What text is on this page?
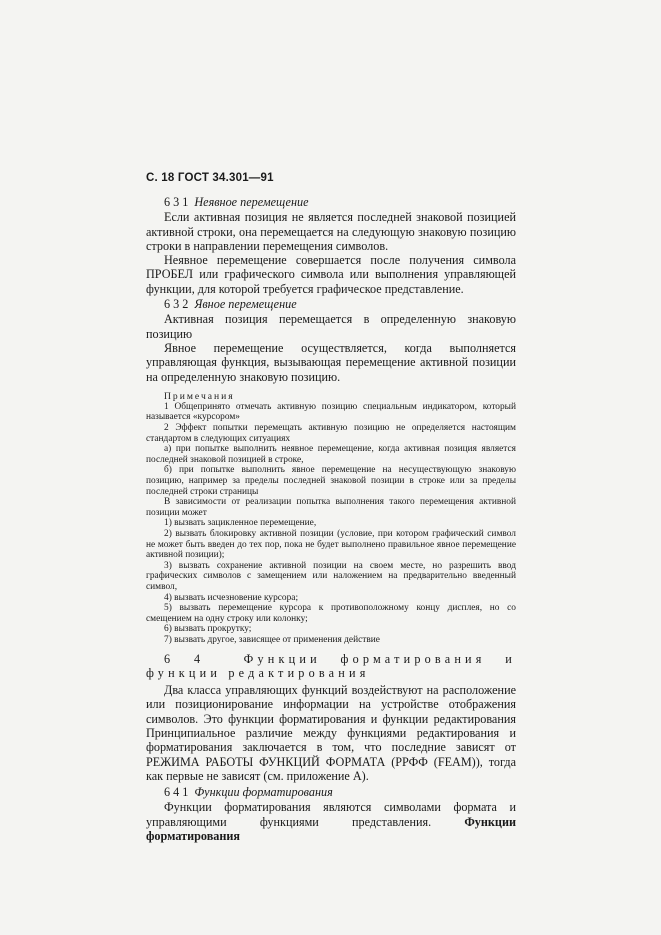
С. 18 ГОСТ 34.301—91
6 3 1 Неявное перемещение

Если активная позиция не является последней знаковой позицией активной строки, она перемещается на следующую знаковую позицию строки в направлении перемещения символов.

Неявное перемещение совершается после получения символа ПРОБЕЛ или графического символа или выполнения управляющей функции, для которой требуется графическое представление.

6 3 2 Явное перемещение

Активная позиция перемещается в определенную знаковую позицию

Явное перемещение осуществляется, когда выполняется управляющая функция, вызывающая перемещение активной позиции на определенную знаковую позицию.

Примечания

1 Общепринято отмечать активную позицию специальным индикатором, который называется «курсором»

2 Эффект попытки перемещать активную позицию не определяется настоящим стандартом в следующих ситуациях

а) при попытке выполнить неявное перемещение, когда активная позиция является последней знаковой позицией в строке,

б) при попытке выполнить явное перемещение на несуществующую знаковую позицию, например за пределы последней знаковой позиции в строке или за пределы последней строки страницы

В зависимости от реализации попытка выполнения такого перемещения активной позиции может

1) вызвать зацикленное перемещение,

2) вызвать блокировку активной позиции (условие, при котором графический символ не может быть введен до тех пор, пока не будет выполнено правильное явное перемещение активной позиции);

3) вызвать сохранение активной позиции на своем месте, но разрешить ввод графических символов с замещением или наложением на предварительно введенный символ,

4) вызвать исчезновение курсора;

5) вызвать перемещение курсора к противоположному концу дисплея, но со смещением на одну строку или колонку;

6) вызвать прокрутку;

7) вызвать другое, зависящее от применения действие

6 4	Функции форматирования и функции редактирования

Два класса управляющих функций воздействуют на расположение или позиционирование информации на устройстве отображения символов. Это функции форматирования и функции редактирования Принципиальное различие между функциями редактирования и форматирования заключается в том, что последние зависят от РЕЖИМА РАБОТЫ ФУНКЦИЙ ФОРМАТА (РРФФ (FEAM)), тогда как первые не зависят (см. приложение А).

6 4 1 Функции форматирования

Функции форматирования являются символами формата и управляющими функциями представления.	Функции форматирования
